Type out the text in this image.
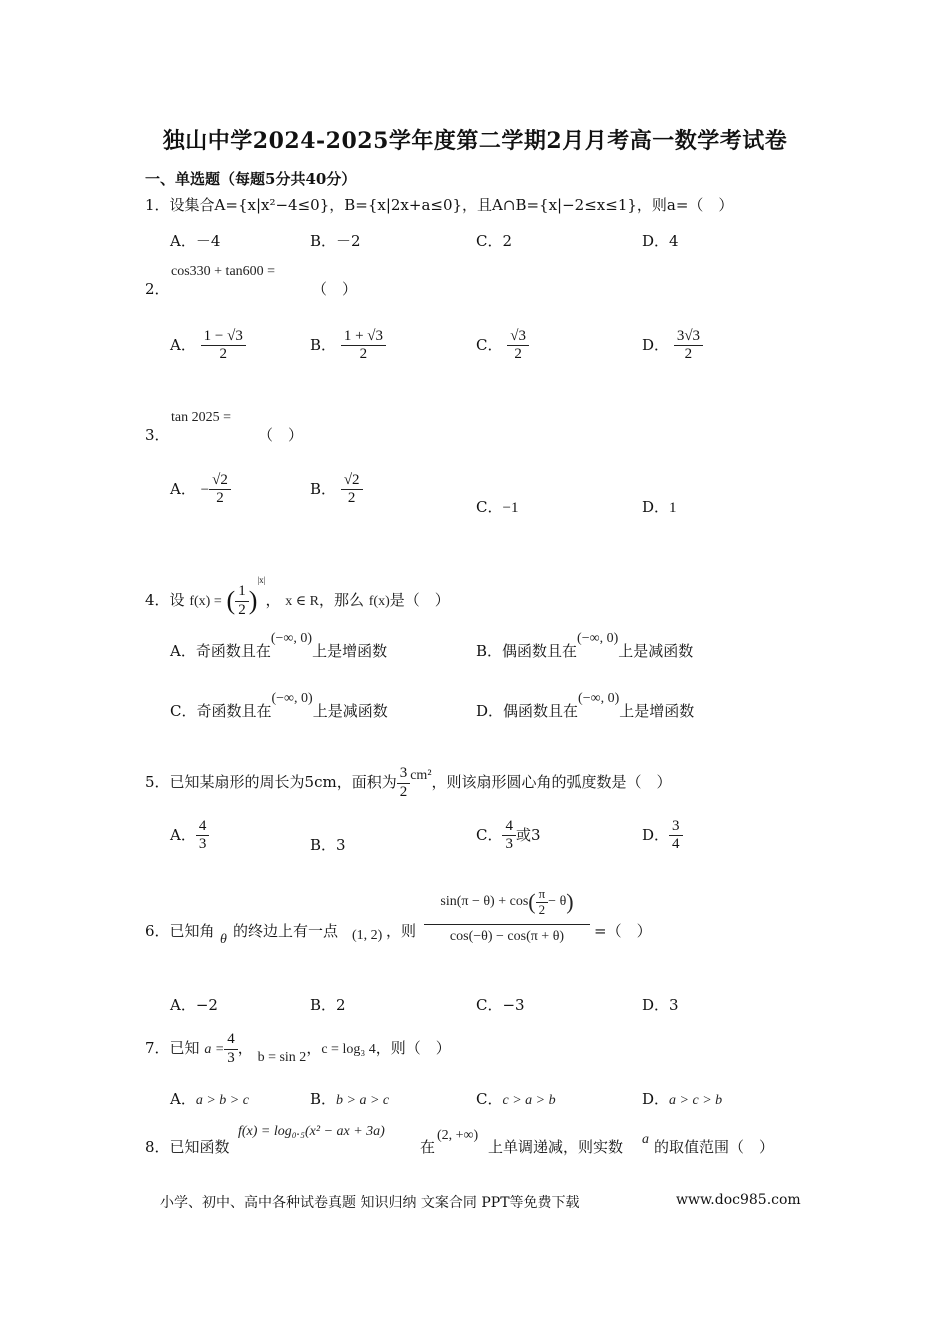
独山中学2024-2025学年度第二学期2月月考高一数学考试卷
一、单选题（每题5分共40分）
1．设集合A={x|x²−4≤0}，B={x|2x+a≤0}，且A∩B={x|−2≤x≤1}，则a=（　）
A．－4	B．－2	C．2	D．4
2．
cos330 + tan600 =
（　）
A． $\frac{1 - √3}{2}$	B． $\frac{1 + √3}{2}$	C． $\frac{√3}{2}$	D． $\frac{3√3}{2}$
3．
tan 2025 =
（　）
A． − $\frac{√2}{2}$	B． $\frac{√2}{2}$	C．−1	D．1
4．设 f(x) = ( $\frac{1}{2} )^{|x|}$， x ∈ R，那么 f(x)是（　）
A．奇函数且在(−∞, 0)上是增函数	B．偶函数且在(−∞, 0)上是减函数
C．奇函数且在(−∞, 0)上是减函数	D．偶函数且在(−∞, 0)上是增函数
5．已知某扇形的周长为5cm，面积为 $\frac{3}{2} cm^2$，则该扇形圆心角的弧度数是（　）
A． $\frac{4}{3}$	B．3
C． $\frac{4}{3}$ 或3	D． $\frac{3}{4}$
6．已知角 θ 的终边上有一点 (1, 2) ，则 $\frac{\sin(\pi - \theta) + \cos( \frac{\pi}{2} - \theta)}{\cos(-\theta) - \cos(\pi + \theta)}$ =（　）
A．−2	B．2	C．−3	D．3
7．已知 $a = \frac{4}{3}$ ， b = sin 2，c = log₃ 4，则（　）
A．a > b > c	B．b > a > c	C．c > a > b	D．a > c > b
8．已知函数
f(x) = log₀.₅(x² − ax + 3a)
在
(2, +∞)
上单调递减，则实数 a 的取值范围（　）
小学、初中、高中各种试卷真题 知识归纳 文案合同 PPT等免费下载	www.doc985.com
